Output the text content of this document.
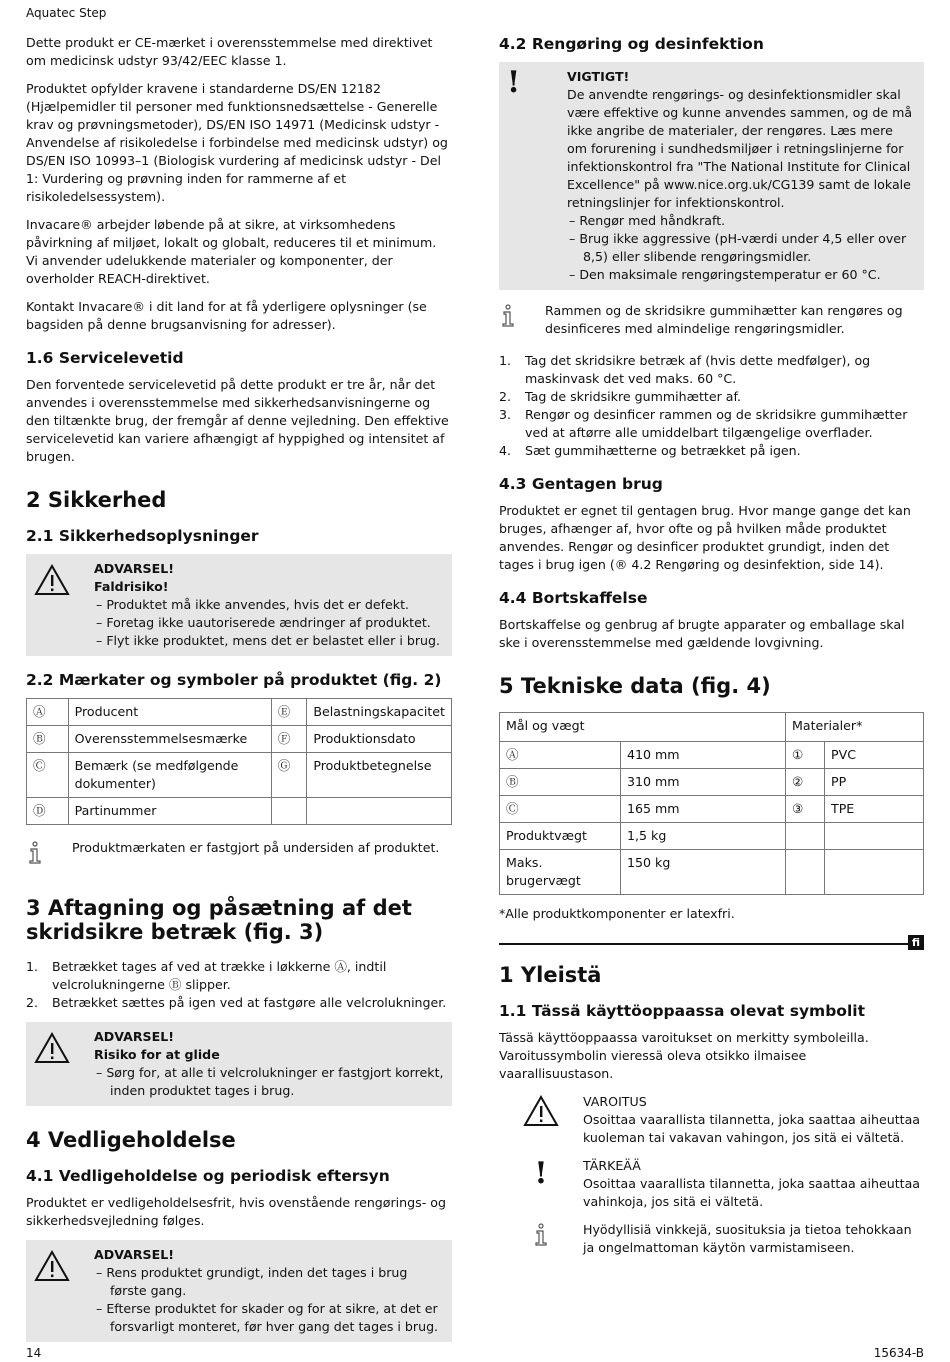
Aquatec Step

Dette produkt er CE-mærket i overensstemmelse med direktivet om medicinsk udstyr 93/42/EEC klasse 1.

Produktet opfylder kravene i standarderne DS/EN 12182 (Hjælpemidler til personer med funktionsnedsættelse - Generelle krav og prøvningsmetoder), DS/EN ISO 14971 (Medicinsk udstyr - Anvendelse af risikoledelse i forbindelse med medicinsk udstyr) og DS/EN ISO 10993–1 (Biologisk vurdering af medicinsk udstyr - Del 1: Vurdering og prøvning inden for rammerne af et risikoledelsessystem).

Invacare® arbejder løbende på at sikre, at virksomhedens påvirkning af miljøet, lokalt og globalt, reduceres til et minimum. Vi anvender udelukkende materialer og komponenter, der overholder REACH-direktivet.

Kontakt Invacare® i dit land for at få yderligere oplysninger (se bagsiden på denne brugsanvisning for adresser).

1.6 Servicelevetid

Den forventede servicelevetid på dette produkt er tre år, når det anvendes i overensstemmelse med sikkerhedsanvisningerne og den tiltænkte brug, der fremgår af denne vejledning. Den effektive servicelevetid kan variere afhængigt af hyppighed og intensitet af brugen.

2 Sikkerhed
2.1 Sikkerhedsoplysninger
ADVARSEL!
Faldrisiko!
– Produktet må ikke anvendes, hvis det er defekt.
– Foretag ikke uautoriserede ændringer af produktet.
– Flyt ikke produktet, mens det er belastet eller i brug.
2.2 Mærkater og symboler på produktet (fig. 2)
Ⓐ	Producent	Ⓔ	Belastningskapacitet
Ⓑ	Overensstemmelsesmærke	Ⓕ	Produktionsdato
Ⓒ	Bemærk (se medfølgende dokumenter)	Ⓖ	Produktbetegnelse
Ⓓ	Partinummer		
Produktmærkaten er fastgjort på undersiden af produktet.
3 Aftagning og påsætning af det skridsikre betræk (fig. 3)
1.	Betrækket tages af ved at trække i løkkerne Ⓐ, indtil velcrolukningerne Ⓑ slipper.
2.	Betrækket sættes på igen ved at fastgøre alle velcrolukninger.
ADVARSEL!
Risiko for at glide
– Sørg for, at alle ti velcrolukninger er fastgjort korrekt, inden produktet tages i brug.
4 Vedligeholdelse
4.1 Vedligeholdelse og periodisk eftersyn

Produktet er vedligeholdelsesfrit, hvis ovenstående rengørings- og sikkerhedsvejledning følges.

ADVARSEL!
– Rens produktet grundigt, inden det tages i brug første gang.
– Efterse produktet for skader og for at sikre, at det er forsvarligt monteret, før hver gang det tages i brug.
4.2 Rengøring og desinfektion
!	VIGTIGT!
De anvendte rengørings- og desinfektionsmidler skal være effektive og kunne anvendes sammen, og de må ikke angribe de materialer, der rengøres. Læs mere om forurening i sundhedsmiljøer i retningslinjerne for infektionskontrol fra "The National Institute for Clinical Excellence" på www.nice.org.uk/CG139 samt de lokale retningslinjer for infektionskontrol.
– Rengør med håndkraft.
– Brug ikke aggressive (pH-værdi under 4,5 eller over 8,5) eller slibende rengøringsmidler.
– Den maksimale rengøringstemperatur er 60 °C.
Rammen og de skridsikre gummihætter kan rengøres og desinficeres med almindelige rengøringsmidler.
1.	Tag det skridsikre betræk af (hvis dette medfølger), og maskinvask det ved maks. 60 °C.
2.	Tag de skridsikre gummihætter af.
3.	Rengør og desinficer rammen og de skridsikre gummihætter ved at aftørre alle umiddelbart tilgængelige overflader.
4.	Sæt gummihætterne og betrækket på igen.
4.3 Gentagen brug

Produktet er egnet til gentagen brug. Hvor mange gange det kan bruges, afhænger af, hvor ofte og på hvilken måde produktet anvendes. Rengør og desinficer produktet grundigt, inden det tages i brug igen (® 4.2 Rengøring og desinfektion, side 14).

4.4 Bortskaffelse

Bortskaffelse og genbrug af brugte apparater og emballage skal ske i overensstemmelse med gældende lovgivning.

5 Tekniske data (fig. 4)
Mål og vægt		Materialer*	
Ⓐ	410 mm	①	PVC
Ⓑ	310 mm	②	PP
Ⓒ	165 mm	③	TPE
Produktvægt	1,5 kg		
Maks. brugervægt	150 kg		

*Alle produktkomponenter er latexfri.

fi
1 Yleistä
1.1 Tässä käyttöoppaassa olevat symbolit

Tässä käyttöoppaassa varoitukset on merkitty symboleilla. Varoitussymbolin vieressä oleva otsikko ilmaisee vaarallisuustason.

VAROITUS
Osoittaa vaarallista tilannetta, joka saattaa aiheuttaa kuoleman tai vakavan vahingon, jos sitä ei vältetä.
!	TÄRKEÄÄ
Osoittaa vaarallista tilannetta, joka saattaa aiheuttaa vahinkoja, jos sitä ei vältetä.
Hyödyllisiä vinkkejä, suosituksia ja tietoa tehokkaan ja ongelmattoman käytön varmistamiseen.
14	15634-B
